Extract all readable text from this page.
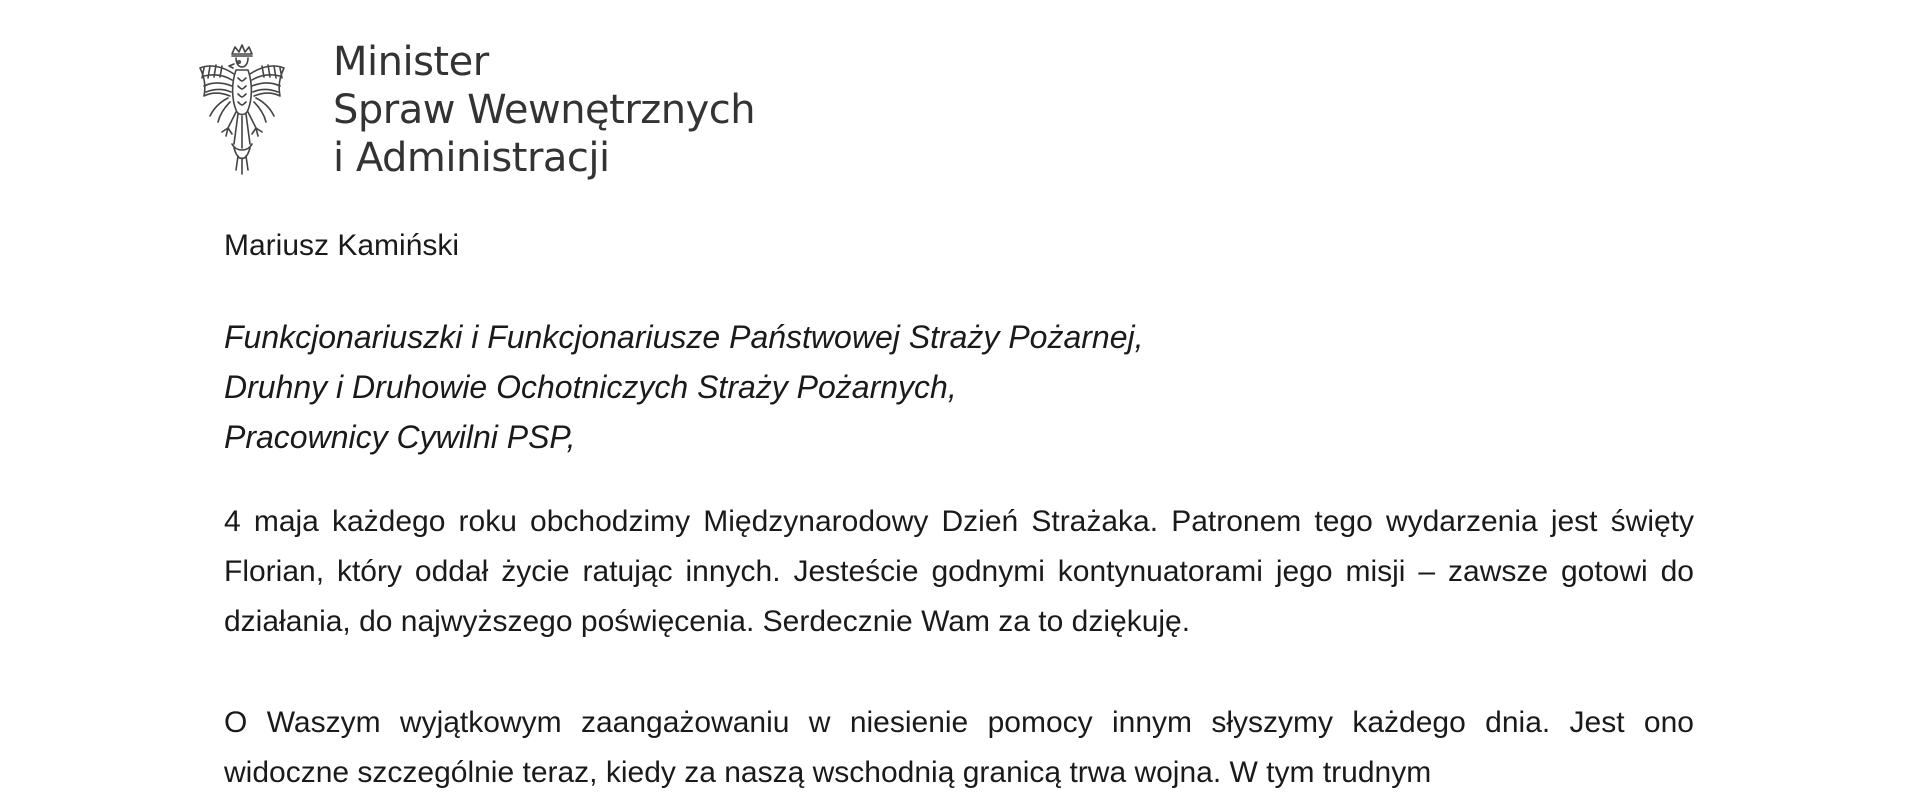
Minister
Spraw Wewnętrznych
i Administracji
Mariusz Kamiński
Funkcjonariuszki i Funkcjonariusze Państwowej Straży Pożarnej,
Druhny i Druhowie Ochotniczych Straży Pożarnych,
Pracownicy Cywilni PSP,
4 maja każdego roku obchodzimy Międzynarodowy Dzień Strażaka. Patronem tego wydarzenia jest święty Florian, który oddał życie ratując innych. Jesteście godnymi kontynuatorami jego misji – zawsze gotowi do działania, do najwyższego poświęcenia. Serdecznie Wam za to dziękuję.
O Waszym wyjątkowym zaangażowaniu w niesienie pomocy innym słyszymy każdego dnia. Jest ono widoczne szczególnie teraz, kiedy za naszą wschodnią granicą trwa wojna. W tym trudnym
